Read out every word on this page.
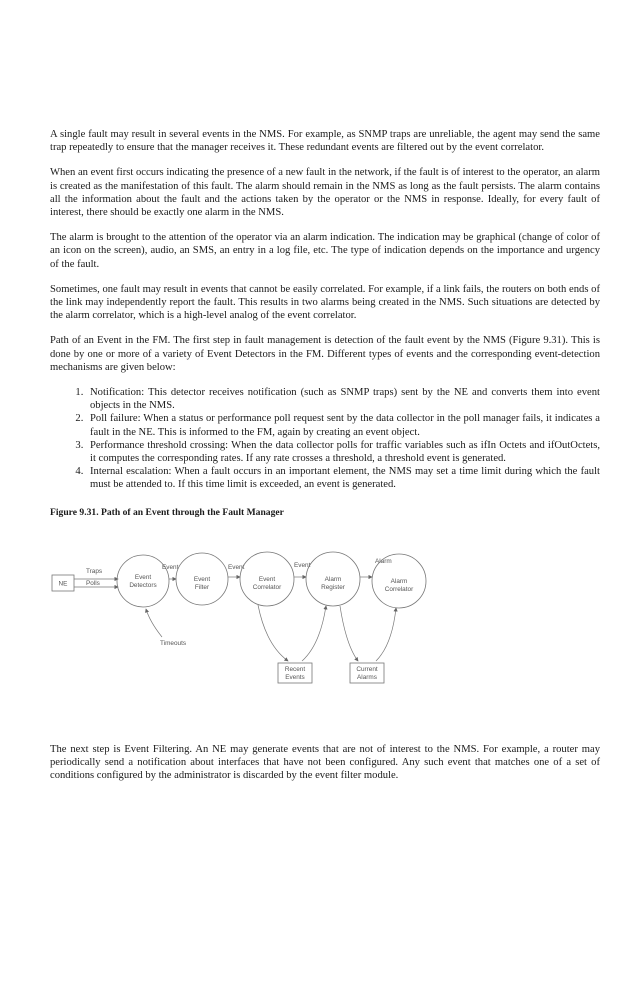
A single fault may result in several events in the NMS. For example, as SNMP traps are unreliable, the agent may send the same trap repeatedly to ensure that the manager receives it. These redundant events are filtered out by the event correlator.

When an event first occurs indicating the presence of a new fault in the network, if the fault is of interest to the operator, an alarm is created as the manifestation of this fault. The alarm should remain in the NMS as long as the fault persists. The alarm contains all the information about the fault and the actions taken by the operator or the NMS in response. Ideally, for every fault of interest, there should be exactly one alarm in the NMS.

The alarm is brought to the attention of the operator via an alarm indication. The indication may be graphical (change of color of an icon on the screen), audio, an SMS, an entry in a log file, etc. The type of indication depends on the importance and urgency of the fault.

Sometimes, one fault may result in events that cannot be easily correlated. For example, if a link fails, the routers on both ends of the link may independently report the fault. This results in two alarms being created in the NMS. Such situations are detected by the alarm correlator, which is a high-level analog of the event correlator.

Path of an Event in the FM. The first step in fault management is detection of the fault event by the NMS (Figure 9.31). This is done by one or more of a variety of Event Detectors in the FM. Different types of events and the corresponding event-detection mechanisms are given below:

1. Notification: This detector receives notification (such as SNMP traps) sent by the NE and converts them into event objects in the NMS.
2. Poll failure: When a status or performance poll request sent by the data collector in the poll manager fails, it indicates a fault in the NE. This is informed to the FM, again by creating an event object.
3. Performance threshold crossing: When the data collector polls for traffic variables such as ifIn Octets and ifOutOctets, it computes the corresponding rates. If any rate crosses a threshold, a threshold event is generated.
4. Internal escalation: When a fault occurs in an important element, the NMS may set a time limit during which the fault must be attended to. If this time limit is exceeded, an event is generated.
Figure 9.31. Path of an Event through the Fault Manager
NE
Traps
Polls
Event
Detectors
Event
Event
Filter
Event
Event
Correlator
Event
Alarm
Register
Alarm
Alarm
Correlator
Timeouts
Recent
Events
Current
Alarms

The next step is Event Filtering. An NE may generate events that are not of interest to the NMS. For example, a router may periodically send a notification about interfaces that have not been configured. Any such event that matches one of a set of conditions configured by the administrator is discarded by the event filter module.
